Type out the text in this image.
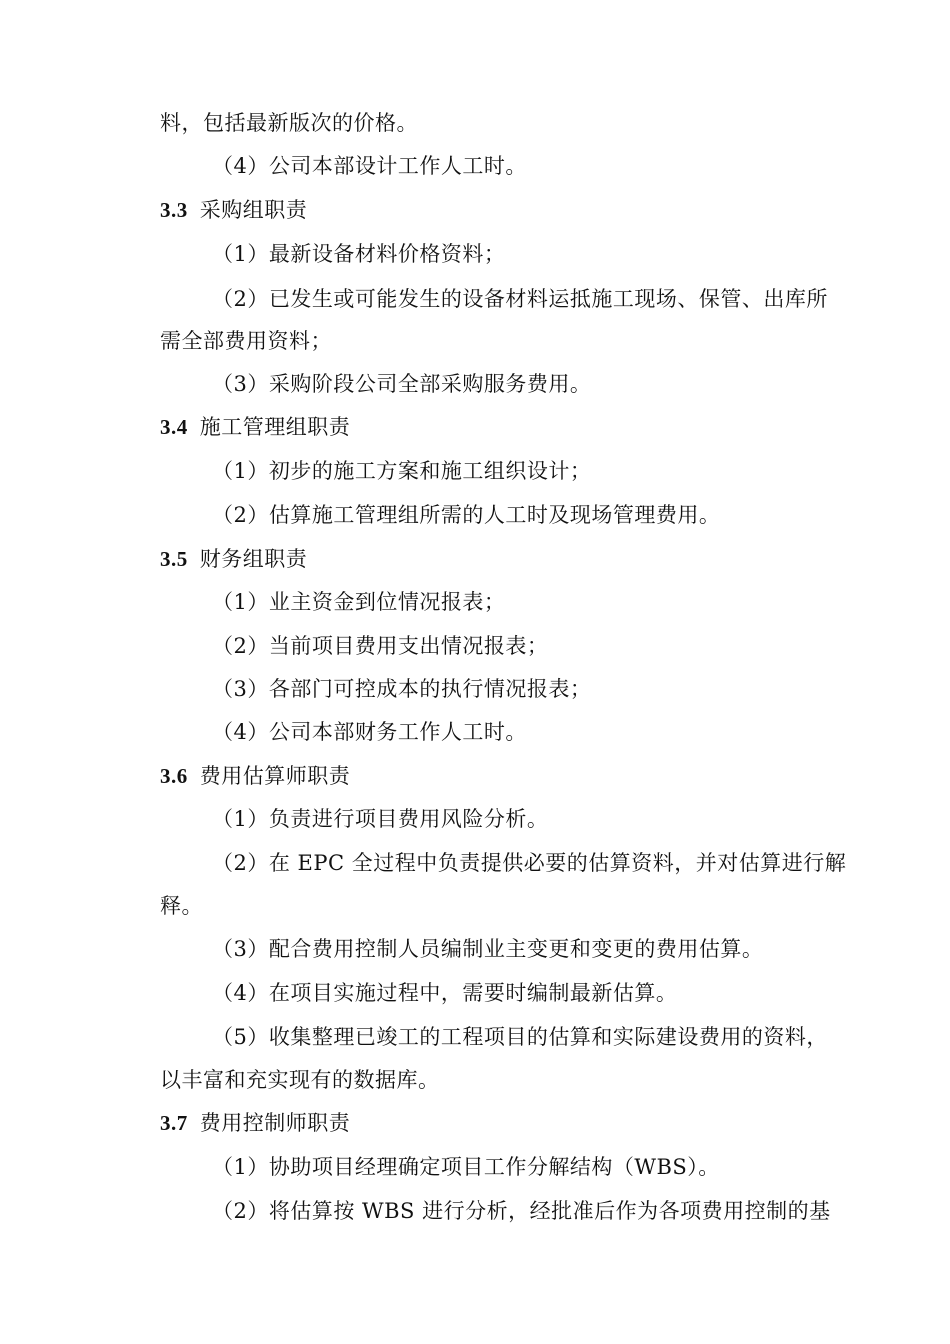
料，包括最新版次的价格。
（4）公司本部设计工作人工时。
3.3 采购组职责
（1）最新设备材料价格资料；
（2）已发生或可能发生的设备材料运抵施工现场、保管、出库所
需全部费用资料；
（3）采购阶段公司全部采购服务费用。
3.4 施工管理组职责
（1）初步的施工方案和施工组织设计；
（2）估算施工管理组所需的人工时及现场管理费用。
3.5 财务组职责
（1）业主资金到位情况报表；
（2）当前项目费用支出情况报表；
（3）各部门可控成本的执行情况报表；
（4）公司本部财务工作人工时。
3.6 费用估算师职责
（1）负责进行项目费用风险分析。
（2）在 EPC 全过程中负责提供必要的估算资料，并对估算进行解
释。
（3）配合费用控制人员编制业主变更和变更的费用估算。
（4）在项目实施过程中，需要时编制最新估算。
（5）收集整理已竣工的工程项目的估算和实际建设费用的资料，
以丰富和充实现有的数据库。
3.7 费用控制师职责
（1）协助项目经理确定项目工作分解结构（WBS）。
（2）将估算按 WBS 进行分析，经批准后作为各项费用控制的基
